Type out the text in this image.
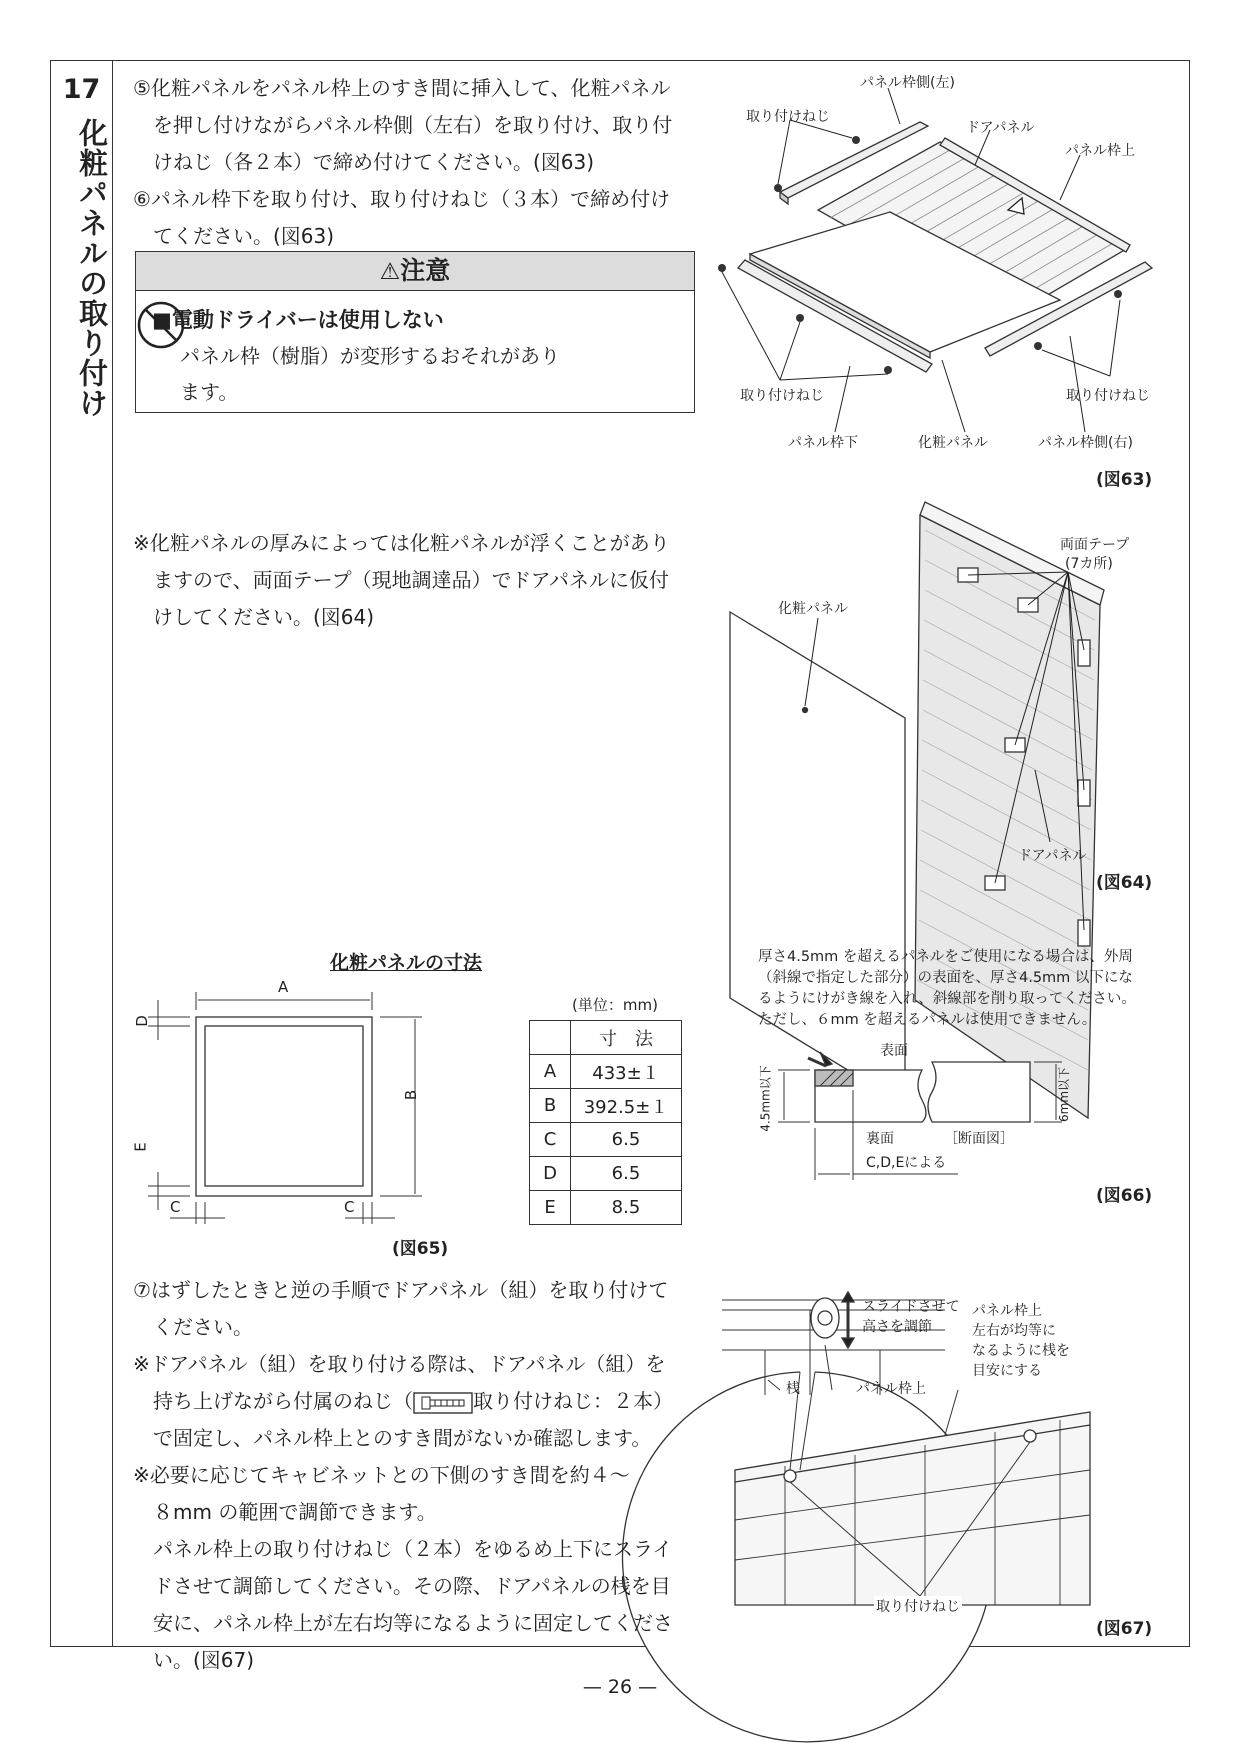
17
化粧パネルの取り付け

⑤化粧パネルをパネル枠上のすき間に挿入して、化粧パネル

を押し付けながらパネル枠側（左右）を取り付け、取り付

けねじ（各２本）で締め付けてください。(図63)

⑥パネル枠下を取り付け、取り付けねじ（３本）で締め付け

てください。(図63)

⚠注意
■電動ドライバーは使用しない

パネル枠（樹脂）が変形するおそれがあり

ます。

パネル枠側(左)
取り付けねじ
ドアパネル
パネル枠上
取り付けねじ	取り付けねじ
パネル枠下	化粧パネル	パネル枠側(右)
(図63)

※化粧パネルの厚みによっては化粧パネルが浮くことがあり

ますので、両面テープ（現地調達品）でドアパネルに仮付

けしてください。(図64)

両面テープ
(7カ所)
化粧パネル
ドアパネル
(図64)
化粧パネルの寸法
A
B
D
E
C	C
(単位：mm)
	寸　法
A	433±１
B	392.5±１
C	6.5
D	6.5
E	8.5
(図65)

厚さ4.5mm を超えるパネルをご使用になる場合は、外周

（斜線で指定した部分）の表面を、厚さ4.5mm 以下にな

るようにけがき線を入れ、斜線部を削り取ってください。

ただし、６mm を超えるパネルは使用できません。

表面
裏面	［断面図］
4.5mm以下	6mm以下
C,D,Eによる
(図66)

⑦はずしたときと逆の手順でドアパネル（組）を取り付けて

ください。

※ドアパネル（組）を取り付ける際は、ドアパネル（組）を

持ち上げながら付属のねじ（	取り付けねじ：２本）

で固定し、パネル枠上とのすき間がないか確認します。

※必要に応じてキャビネットとの下側のすき間を約４〜

８mm の範囲で調節できます。

パネル枠上の取り付けねじ（２本）をゆるめ上下にスライ

ドさせて調節してください。その際、ドアパネルの桟を目

安に、パネル枠上が左右均等になるように固定してくださ

い。(図67)

スライドさせて
高さを調節
桟	パネル枠上
パネル枠上
左右が均等に
なるように桟を
目安にする
取り付けねじ
(図67)
— 26 —
